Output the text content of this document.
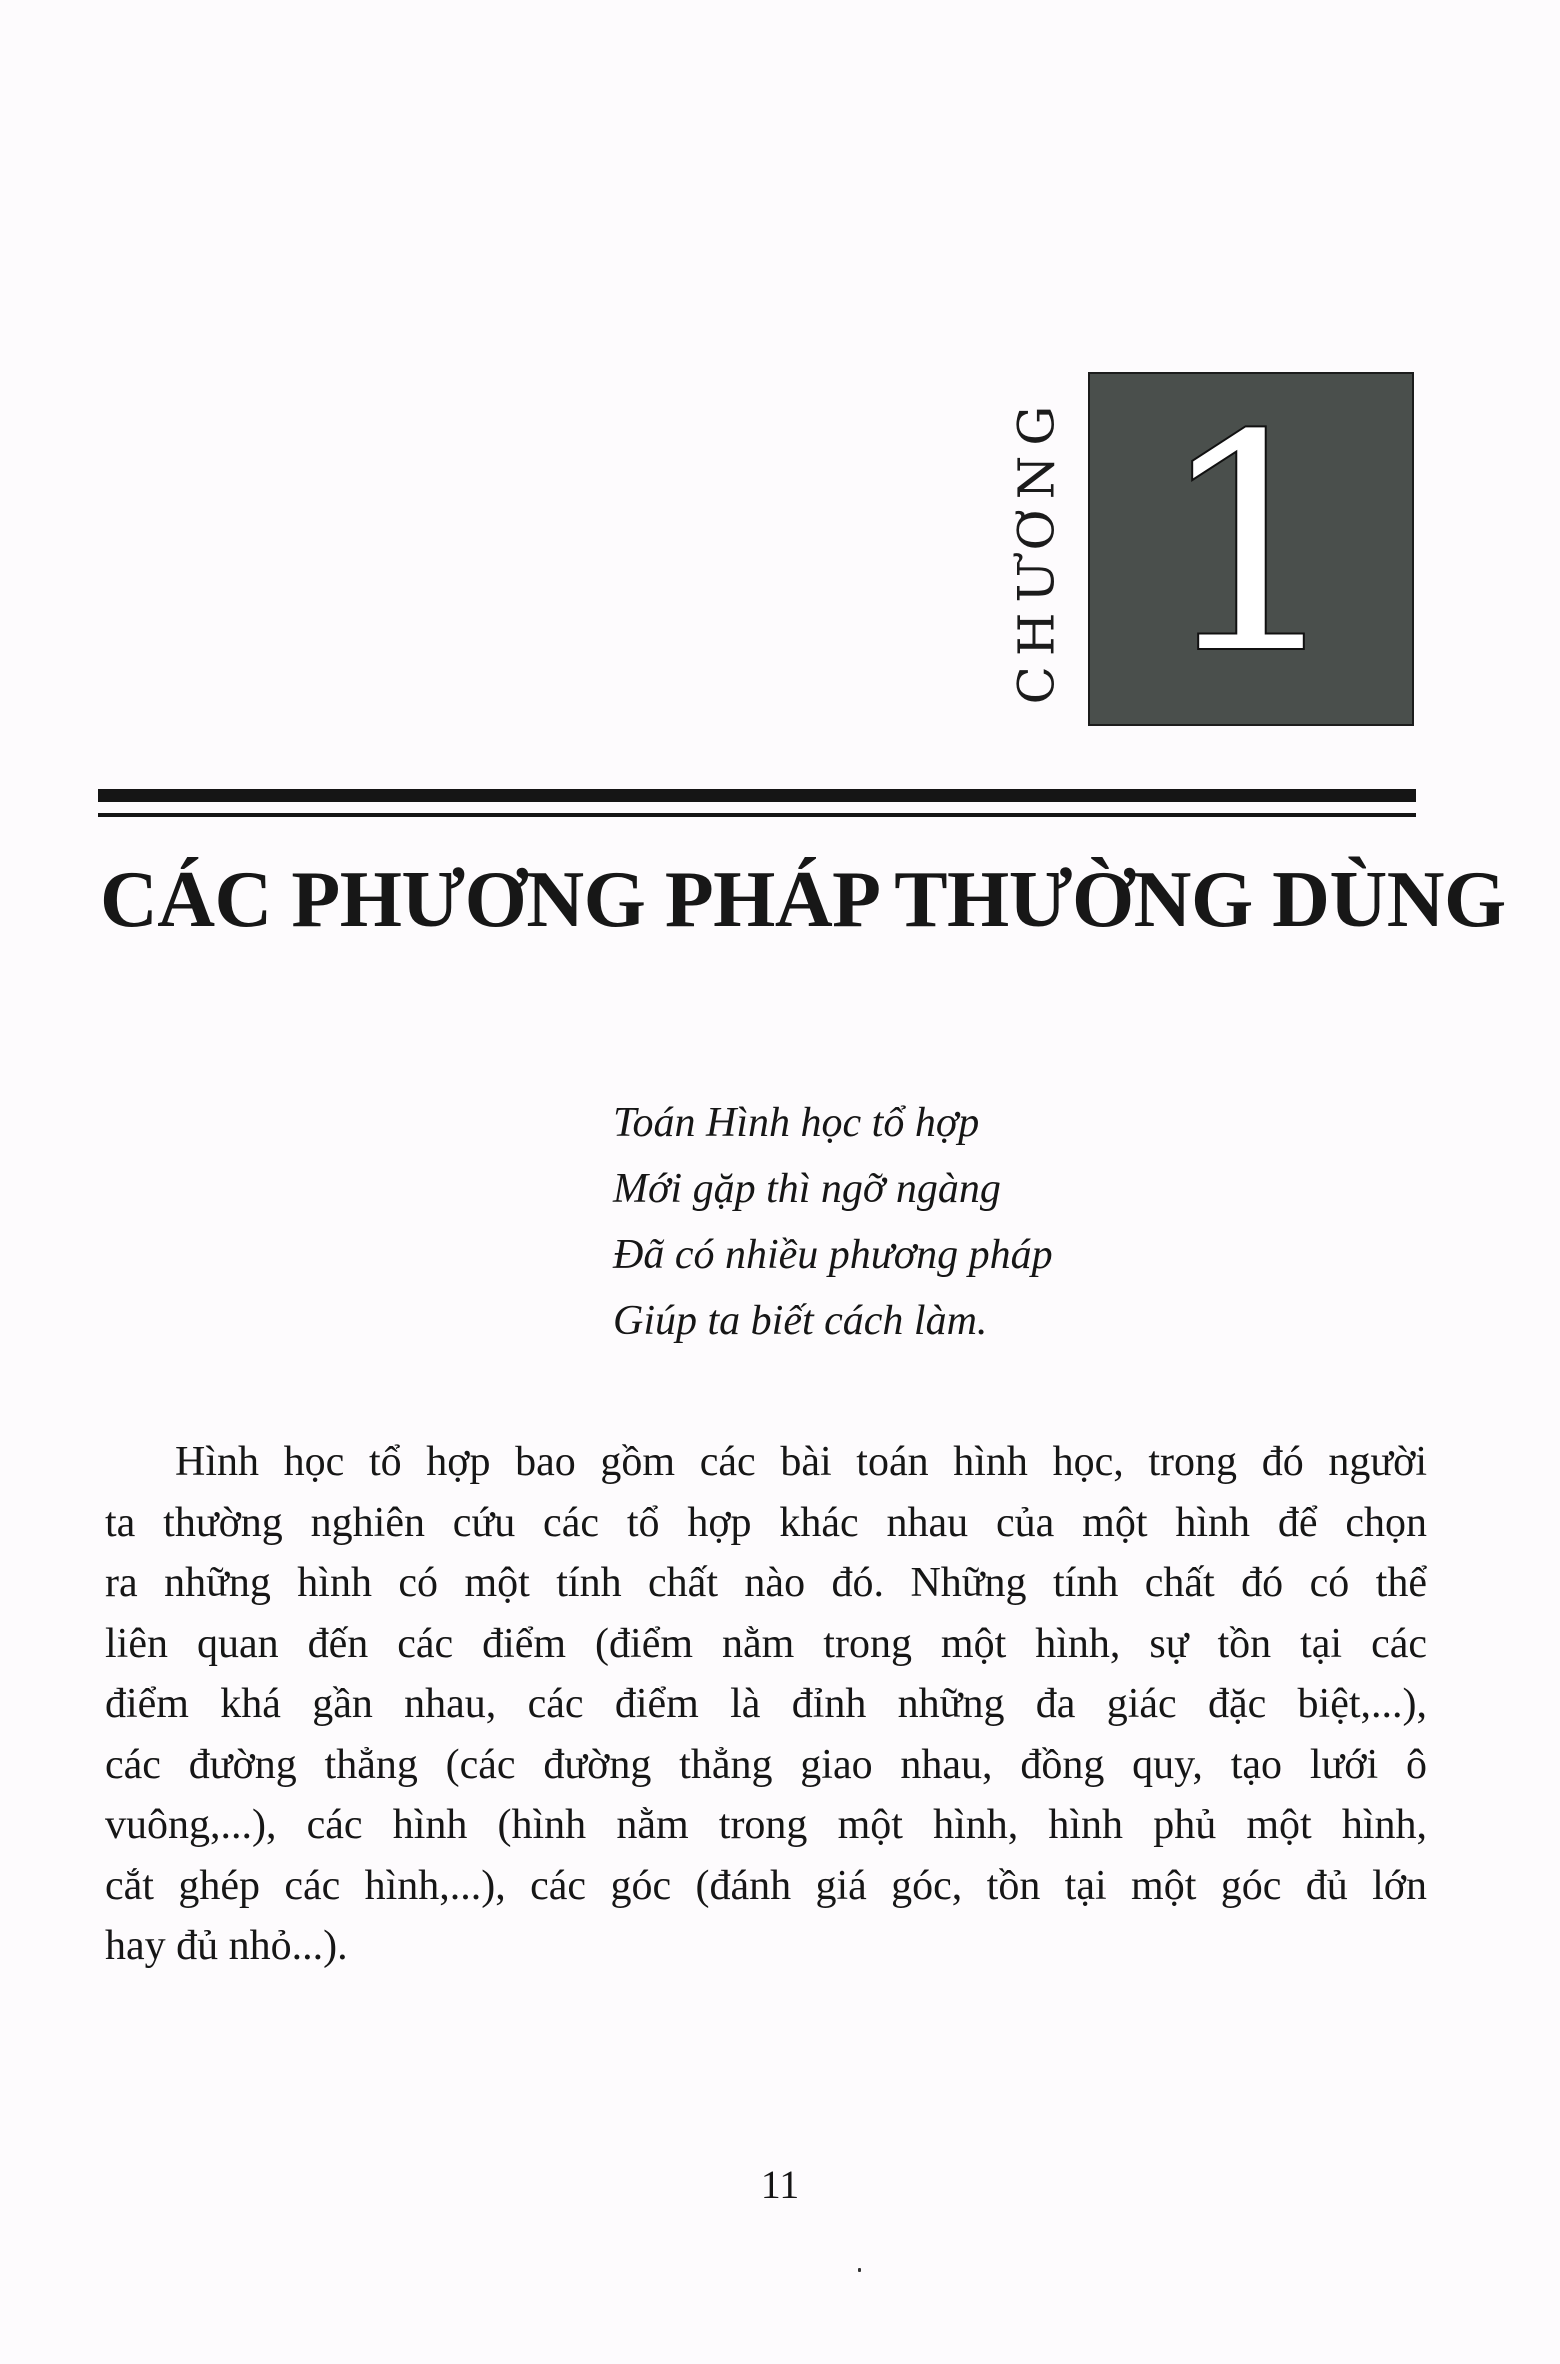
CHƯƠNG 1
CÁC PHƯƠNG PHÁP THƯỜNG DÙNG
Toán Hình học tổ hợp
Mới gặp thì ngỡ ngàng
Đã có nhiều phương pháp
Giúp ta biết cách làm.

Hình học tổ hợp bao gồm các bài toán hình học, trong đó người
ta thường nghiên cứu các tổ hợp khác nhau của một hình để chọn
ra những hình có một tính chất nào đó. Những tính chất đó có thể
liên quan đến các điểm (điểm nằm trong một hình, sự tồn tại các
điểm khá gần nhau, các điểm là đỉnh những đa giác đặc biệt,...),
các đường thẳng (các đường thẳng giao nhau, đồng quy, tạo lưới ô
vuông,...), các hình (hình nằm trong một hình, hình phủ một hình,
cắt ghép các hình,...), các góc (đánh giá góc, tồn tại một góc đủ lớn
hay đủ nhỏ...).

11
